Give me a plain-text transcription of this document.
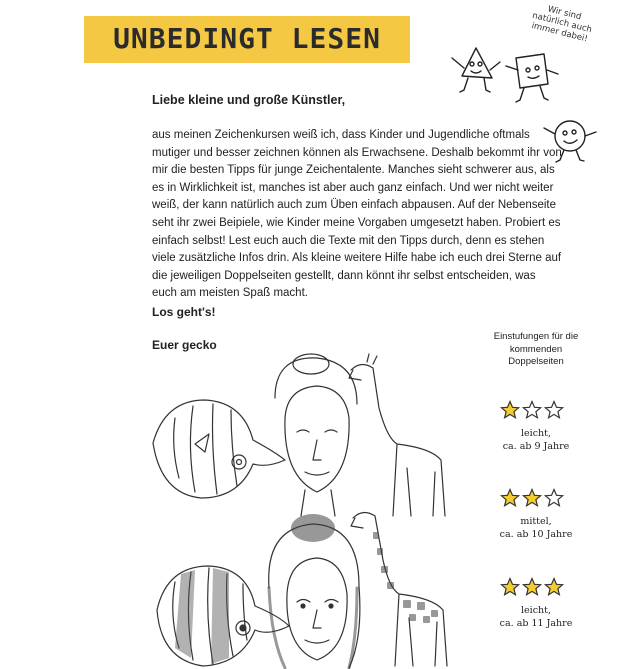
UNBEDINGT LESEN
Wir sind natürlich auch immer dabei!
Liebe kleine und große Künstler,

aus meinen Zeichenkursen weiß ich, dass Kinder und Jugendliche oftmals mutiger und besser zeichnen können als Erwachsene. Deshalb bekommt ihr von mir die besten Tipps für junge Zeichentalente. Manches sieht schwerer aus, als es in Wirklichkeit ist, manches ist aber auch ganz einfach. Und wer nicht weiter weiß, der kann natürlich auch zum Üben einfach abpausen. Auf der Nebenseite seht ihr zwei Beipiele, wie Kinder meine Vorgaben umgesetzt haben. Probiert es einfach selbst! Lest euch auch die Texte mit den Tipps durch, denn es stehen viele zusätzliche Infos drin. Als kleine weitere Hilfe habe ich euch drei Sterne auf die jeweiligen Doppelseiten gestellt, dann könnt ihr selbst entscheiden, was euch am meisten Spaß macht.

Los geht's!
Euer gecko
Einstufungen für die kommenden Doppelseiten
leicht,
ca. ab 9 Jahre
mittel,
ca. ab 10 Jahre
leicht,
ca. ab 11 Jahre
